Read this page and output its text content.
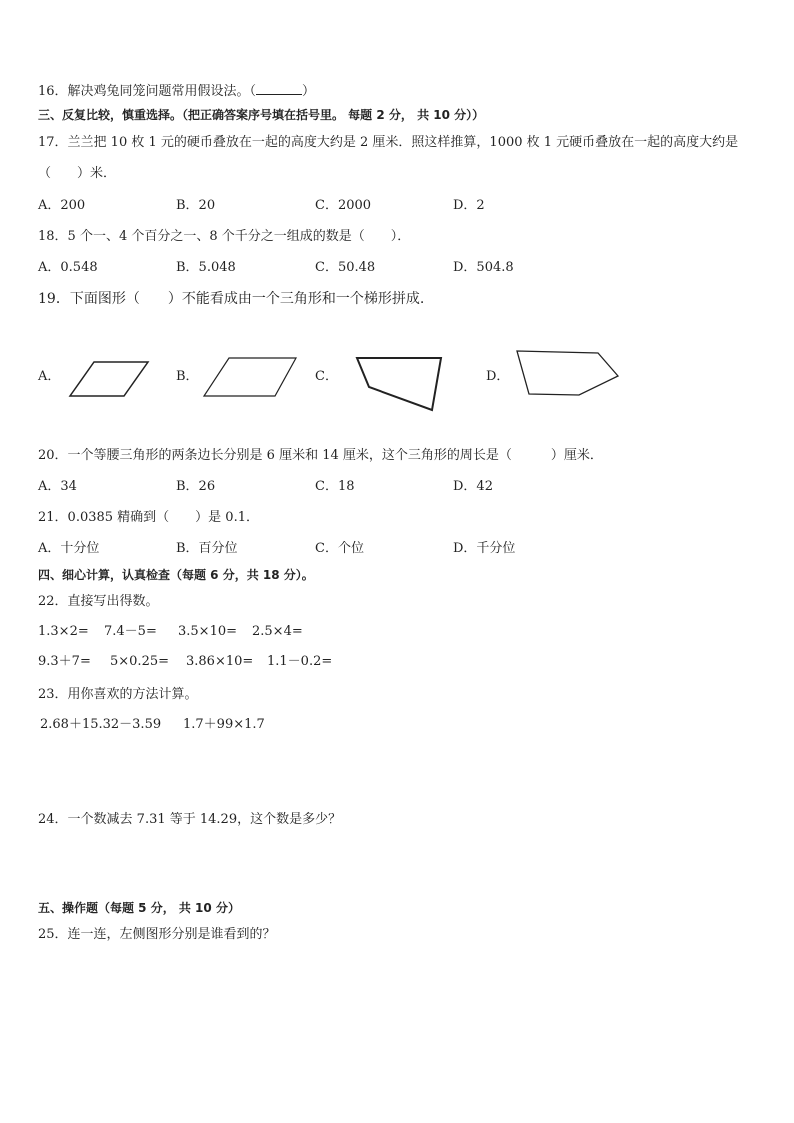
16．解决鸡兔同笼问题常用假设法。（	）
三、反复比较，慎重选择。（把正确答案序号填在括号里。 每题 2 分， 共 10 分））
17．兰兰把 10 枚 1 元的硬币叠放在一起的高度大约是 2 厘米．照这样推算，1000 枚 1 元硬币叠放在一起的高度大约是
（　　）米．
A．200	B．20	C．2000	D．2
18．5 个一、4 个百分之一、8 个千分之一组成的数是（　　）．
A．0.548	B．5.048	C．50.48	D．504.8
19．下面图形（　　）不能看成由一个三角形和一个梯形拼成.
A．	B．	C．	D．
20．一个等腰三角形的两条边长分别是 6 厘米和 14 厘米，这个三角形的周长是（　　　）厘米．
A．34	B．26	C．18	D．42
21．0.0385 精确到（　　）是 0.1．
A．十分位	B．百分位	C．个位	D．千分位
四、细心计算，认真检查（每题 6 分，共 18 分）。
22．直接写出得数。
1.3×2= 7.4－5= 3.5×10= 2.5×4=
9.3＋7= 5×0.25= 3.86×10= 1.1－0.2=
23．用你喜欢的方法计算。
2.68＋15.32－3.59 1.7＋99×1.7
24．一个数减去 7.31 等于 14.29，这个数是多少？
五、操作题（每题 5 分， 共 10 分）
25．连一连，左侧图形分别是谁看到的？
